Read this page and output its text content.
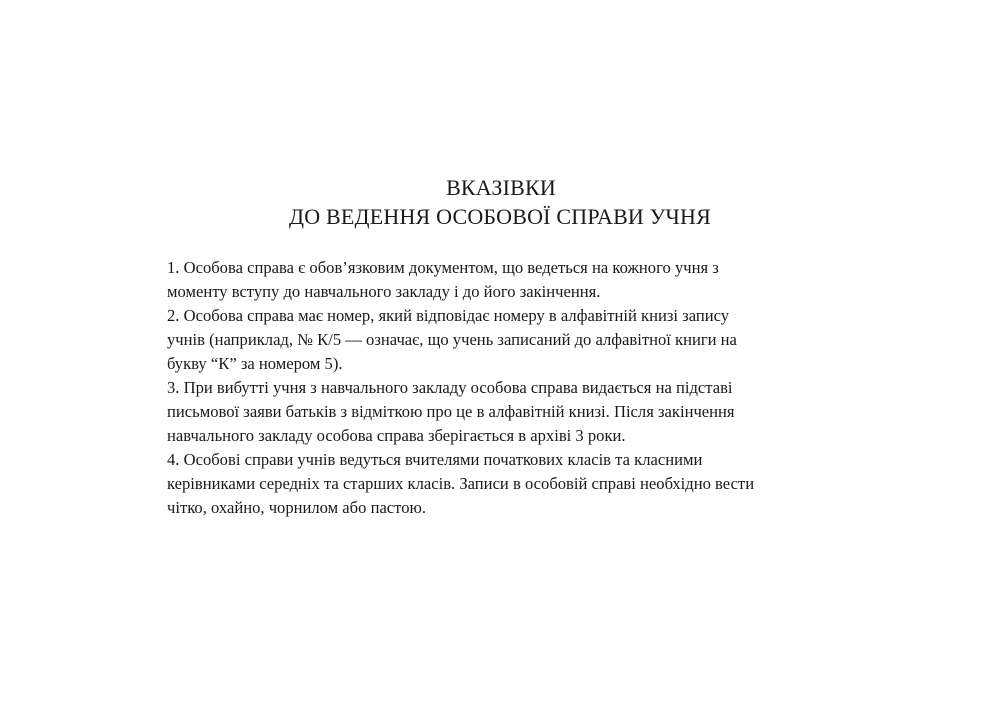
ВКАЗІВКИ
ДО ВЕДЕННЯ ОСОБОВОЇ СПРАВИ УЧНЯ
1. Особова справа є обов’язковим документом, що ведеться на кожного учня з
моменту вступу до навчального закладу і до його закінчення.
2. Особова справа має номер, який відповідає номеру в алфавітній книзі запису
учнів (наприклад, № К/5 — означає, що учень записаний до алфавітної книги на
букву “К” за номером 5).
3. При вибутті учня з навчального закладу особова справа видається на підставі
письмової заяви батьків з відміткою про це в алфавітній книзі. Після закінчення
навчального закладу особова справа зберігається в архіві 3 роки.
4. Особові справи учнів ведуться вчителями початкових класів та класними
керівниками середніх та старших класів. Записи в особовій справі необхідно вести
чітко, охайно, чорнилом або пастою.
